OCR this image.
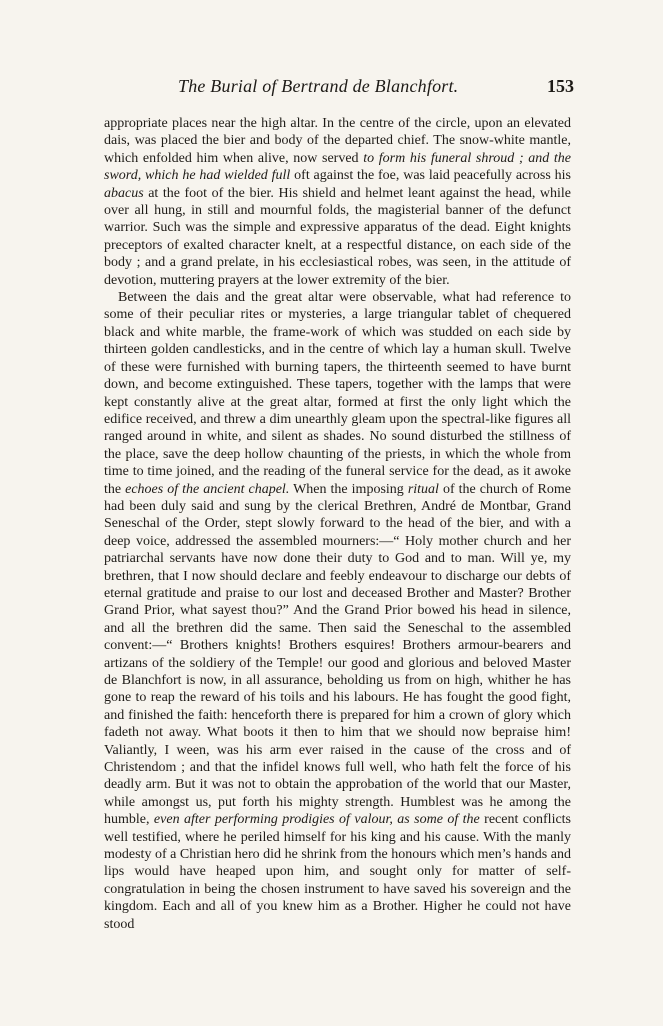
The Burial of Bertrand de Blanchfort.	153

appropriate places near the high altar. In the centre of the circle, upon an elevated dais, was placed the bier and body of the departed chief. The snow-white mantle, which enfolded him when alive, now served to form his funeral shroud ; and the sword, which he had wielded full oft against the foe, was laid peacefully across his abacus at the foot of the bier. His shield and helmet leant against the head, while over all hung, in still and mournful folds, the magisterial banner of the defunct warrior. Such was the simple and expressive apparatus of the dead. Eight knights preceptors of exalted character knelt, at a respectful distance, on each side of the body ; and a grand prelate, in his ecclesiastical robes, was seen, in the attitude of devotion, muttering prayers at the lower extremity of the bier.

Between the dais and the great altar were observable, what had reference to some of their peculiar rites or mysteries, a large triangular tablet of chequered black and white marble, the frame-work of which was studded on each side by thirteen golden candlesticks, and in the centre of which lay a human skull. Twelve of these were furnished with burning tapers, the thirteenth seemed to have burnt down, and become extinguished. These tapers, together with the lamps that were kept constantly alive at the great altar, formed at first the only light which the edifice received, and threw a dim unearthly gleam upon the spectral-like figures all ranged around in white, and silent as shades. No sound disturbed the stillness of the place, save the deep hollow chaunting of the priests, in which the whole from time to time joined, and the reading of the funeral service for the dead, as it awoke the echoes of the ancient chapel. When the imposing ritual of the church of Rome had been duly said and sung by the clerical Brethren, André de Montbar, Grand Seneschal of the Order, stept slowly forward to the head of the bier, and with a deep voice, addressed the assembled mourners:—“ Holy mother church and her patriarchal servants have now done their duty to God and to man. Will ye, my brethren, that I now should declare and feebly endeavour to discharge our debts of eternal gratitude and praise to our lost and deceased Brother and Master? Brother Grand Prior, what sayest thou?” And the Grand Prior bowed his head in silence, and all the brethren did the same. Then said the Seneschal to the assembled convent:—“ Brothers knights! Brothers esquires! Brothers armour-bearers and artizans of the soldiery of the Temple! our good and glorious and beloved Master de Blanchfort is now, in all assurance, beholding us from on high, whither he has gone to reap the reward of his toils and his labours. He has fought the good fight, and finished the faith: henceforth there is prepared for him a crown of glory which fadeth not away. What boots it then to him that we should now bepraise him! Valiantly, I ween, was his arm ever raised in the cause of the cross and of Christendom ; and that the infidel knows full well, who hath felt the force of his deadly arm. But it was not to obtain the approbation of the world that our Master, while amongst us, put forth his mighty strength. Humblest was he among the humble, even after performing prodigies of valour, as some of the recent conflicts well testified, where he periled himself for his king and his cause. With the manly modesty of a Christian hero did he shrink from the honours which men’s hands and lips would have heaped upon him, and sought only for matter of self-congratulation in being the chosen instrument to have saved his sovereign and the kingdom. Each and all of you knew him as a Brother. Higher he could not have stood
